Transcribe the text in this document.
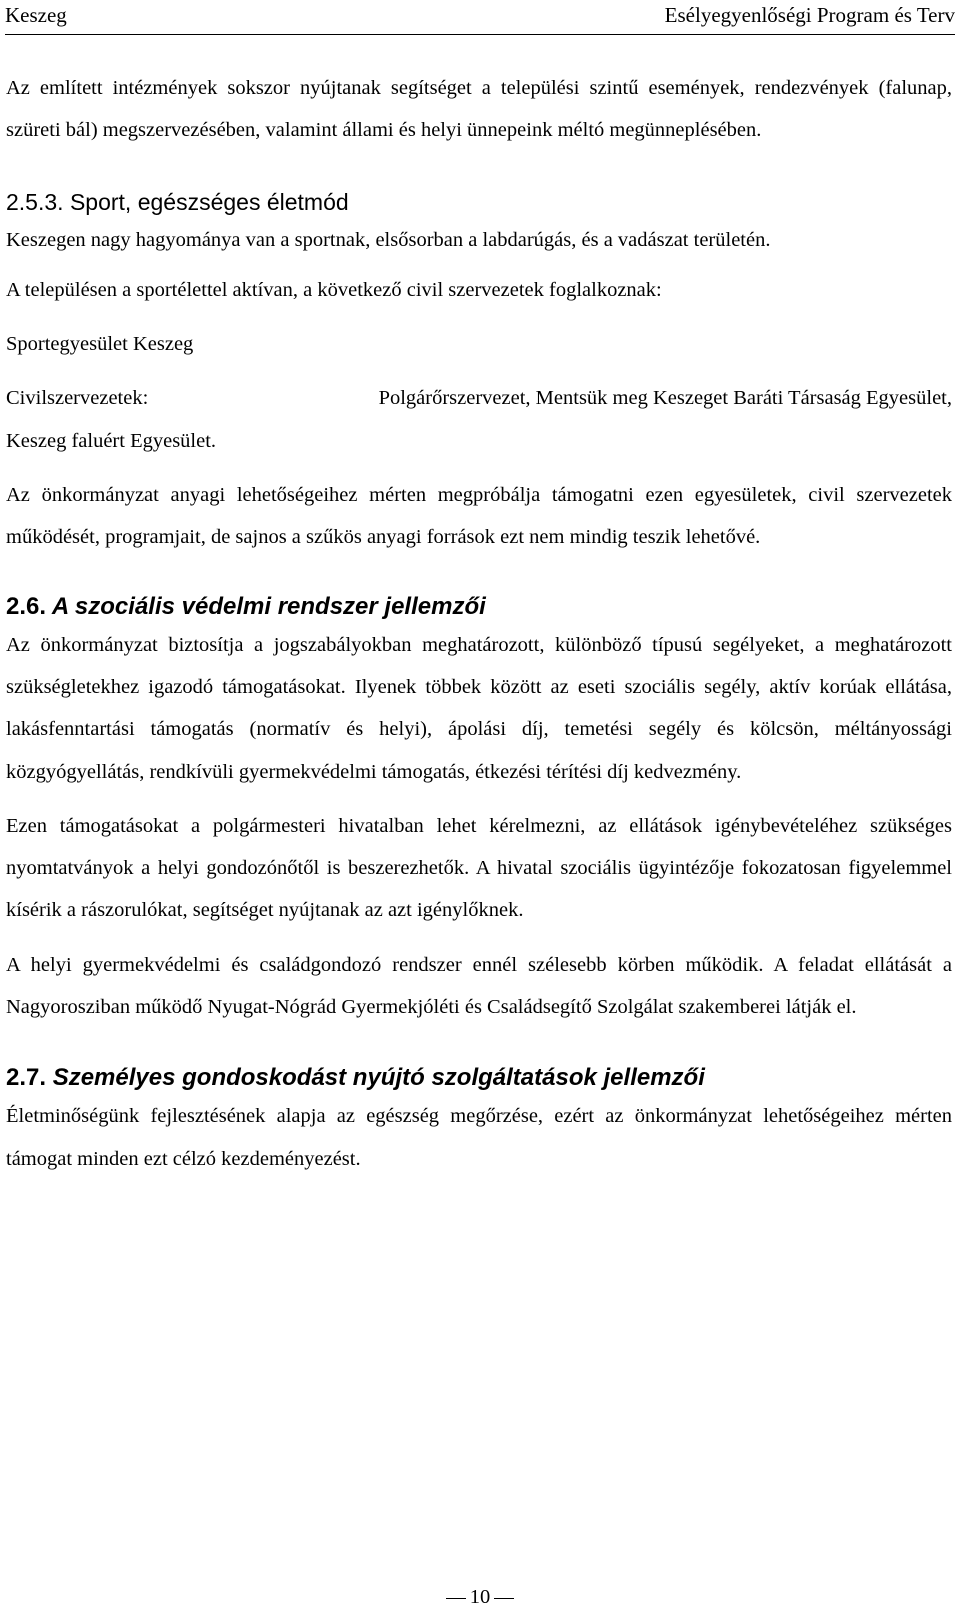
Keszeg	Esélyegyenlőségi Program és Terv

Az említett intézmények sokszor nyújtanak segítséget a települési szintű események, rendezvények (falunap, szüreti bál) megszervezésében, valamint állami és helyi ünnepeink méltó megünneplésében.

2.5.3. Sport, egészséges életmód

Keszegen nagy hagyománya van a sportnak, elsősorban a labdarúgás, és a vadászat területén.

A településen a sportélettel aktívan, a következő civil szervezetek foglalkoznak:

Sportegyesület Keszeg

Civilszervezetek:	Polgárőrszervezet, Mentsük meg Keszeget Baráti Társaság Egyesület,

Keszeg faluért Egyesület.

Az önkormányzat anyagi lehetőségeihez mérten megpróbálja támogatni ezen egyesületek, civil szervezetek működését, programjait, de sajnos a szűkös anyagi források ezt nem mindig teszik lehetővé.

2.6. A szociális védelmi rendszer jellemzői

Az önkormányzat biztosítja a jogszabályokban meghatározott, különböző típusú segélyeket, a meghatározott szükségletekhez igazodó támogatásokat. Ilyenek többek között az eseti szociális segély, aktív korúak ellátása, lakásfenntartási támogatás (normatív és helyi), ápolási díj, temetési segély és kölcsön, méltányossági közgyógyellátás, rendkívüli gyermekvédelmi támogatás, étkezési térítési díj kedvezmény.

Ezen támogatásokat a polgármesteri hivatalban lehet kérelmezni, az ellátások igénybevételéhez szükséges nyomtatványok a helyi gondozónőtől is beszerezhetők. A hivatal szociális ügyintézője fokozatosan figyelemmel kísérik a rászorulókat, segítséget nyújtanak az azt igénylőknek.

A helyi gyermekvédelmi és családgondozó rendszer ennél szélesebb körben működik. A feladat ellátását a Nagyorosziban működő Nyugat-Nógrád Gyermekjóléti és Családsegítő Szolgálat szakemberei látják el.

2.7. Személyes gondoskodást nyújtó szolgáltatások jellemzői

Életminőségünk fejlesztésének alapja az egészség megőrzése, ezért az önkormányzat lehetőségeihez mérten támogat minden ezt célzó kezdeményezést.

10
